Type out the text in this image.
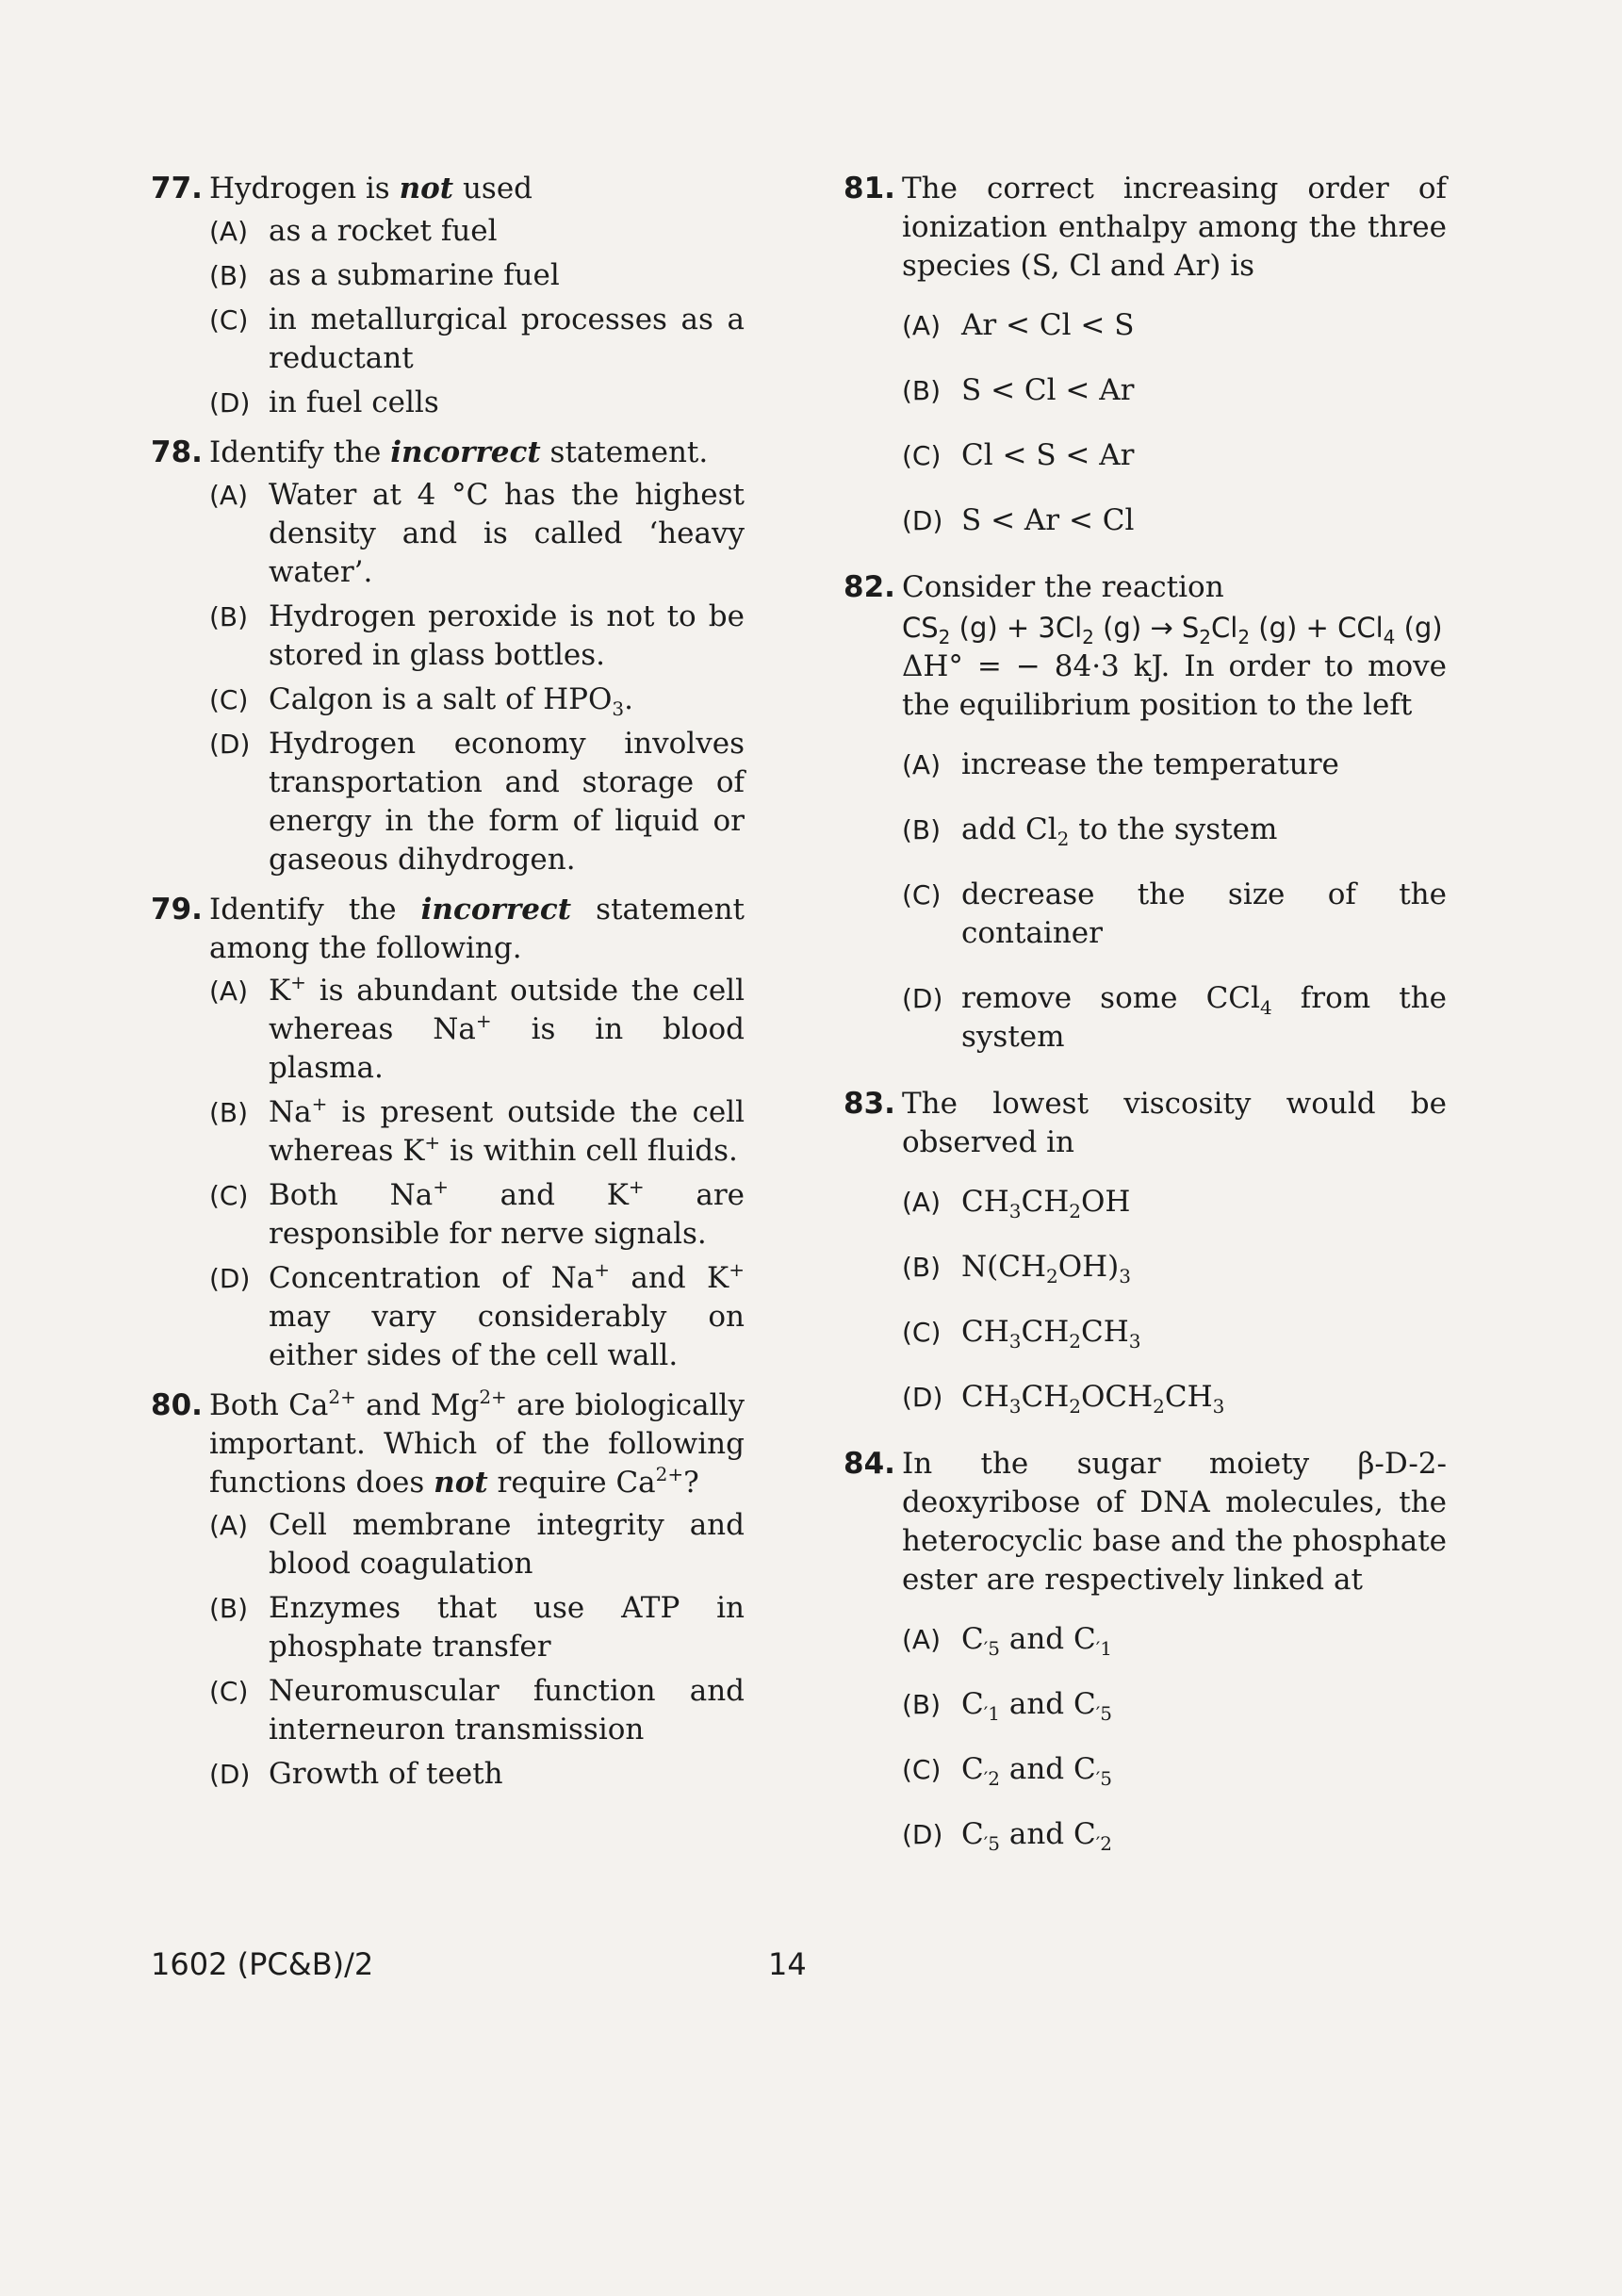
77. Hydrogen is not used
(A) as a rocket fuel
(B) as a submarine fuel
(C) in metallurgical processes as a reductant
(D) in fuel cells
78. Identify the incorrect statement.
(A) Water at 4 °C has the highest density and is called ‘heavy water’.
(B) Hydrogen peroxide is not to be stored in glass bottles.
(C) Calgon is a salt of $HPO_3$.
(D) Hydrogen economy involves transportation and storage of energy in the form of liquid or gaseous dihydrogen.
79. Identify the incorrect statement among the following.
(A) K+ is abundant outside the cell whereas Na+ is in blood plasma.
(B) Na+ is present outside the cell whereas K+ is within cell fluids.
(C) Both Na+ and K+ are responsible for nerve signals.
(D) Concentration of Na+ and K+ may vary considerably on either sides of the cell wall.
80. Both $Ca^{2+}$ and $Mg^{2+}$ are biologically important. Which of the following functions does not require $Ca^{2+}$?
(A) Cell membrane integrity and blood coagulation
(B) Enzymes that use ATP in phosphate transfer
(C) Neuromuscular function and interneuron transmission
(D) Growth of teeth
81. The correct increasing order of ionization enthalpy among the three species (S, Cl and Ar) is
(A) Ar < Cl < S
(B) S < Cl < Ar
(C) Cl < S < Ar
(D) S < Ar < Cl
82. Consider the reaction
$CS_2$ $(g) + 3Cl_2$ $(g) \to S_2Cl_2$ (g) + CCl$_4$ (g)
ΔH° = − 84·3 kJ. In order to move the equilibrium position to the left
(A) increase the temperature
(B) add $Cl_2$ to the system
(C) decrease the size of the container
(D) remove some CCl$_4$ from the system
83. The lowest viscosity would be observed in
(A) $CH_3CH_2OH$
(B) $N(CH_2OH)_3$
(C) $CH_3CH_2CH_3$
(D) $CH_3CH_2OCH_2CH_3$
84. In the sugar moiety β-D-2-deoxyribose of DNA molecules, the heterocyclic base and the phosphate ester are respectively linked at
(A) $C_{'5}$ and $C_{'1}$
(B) $C_{'1}$ and $C_{'5}$
(C) $C_{'2}$ and $C_{'5}$
(D) $C_{'5}$ and $C_{'2}$
1602 (PC&B)/2	14
